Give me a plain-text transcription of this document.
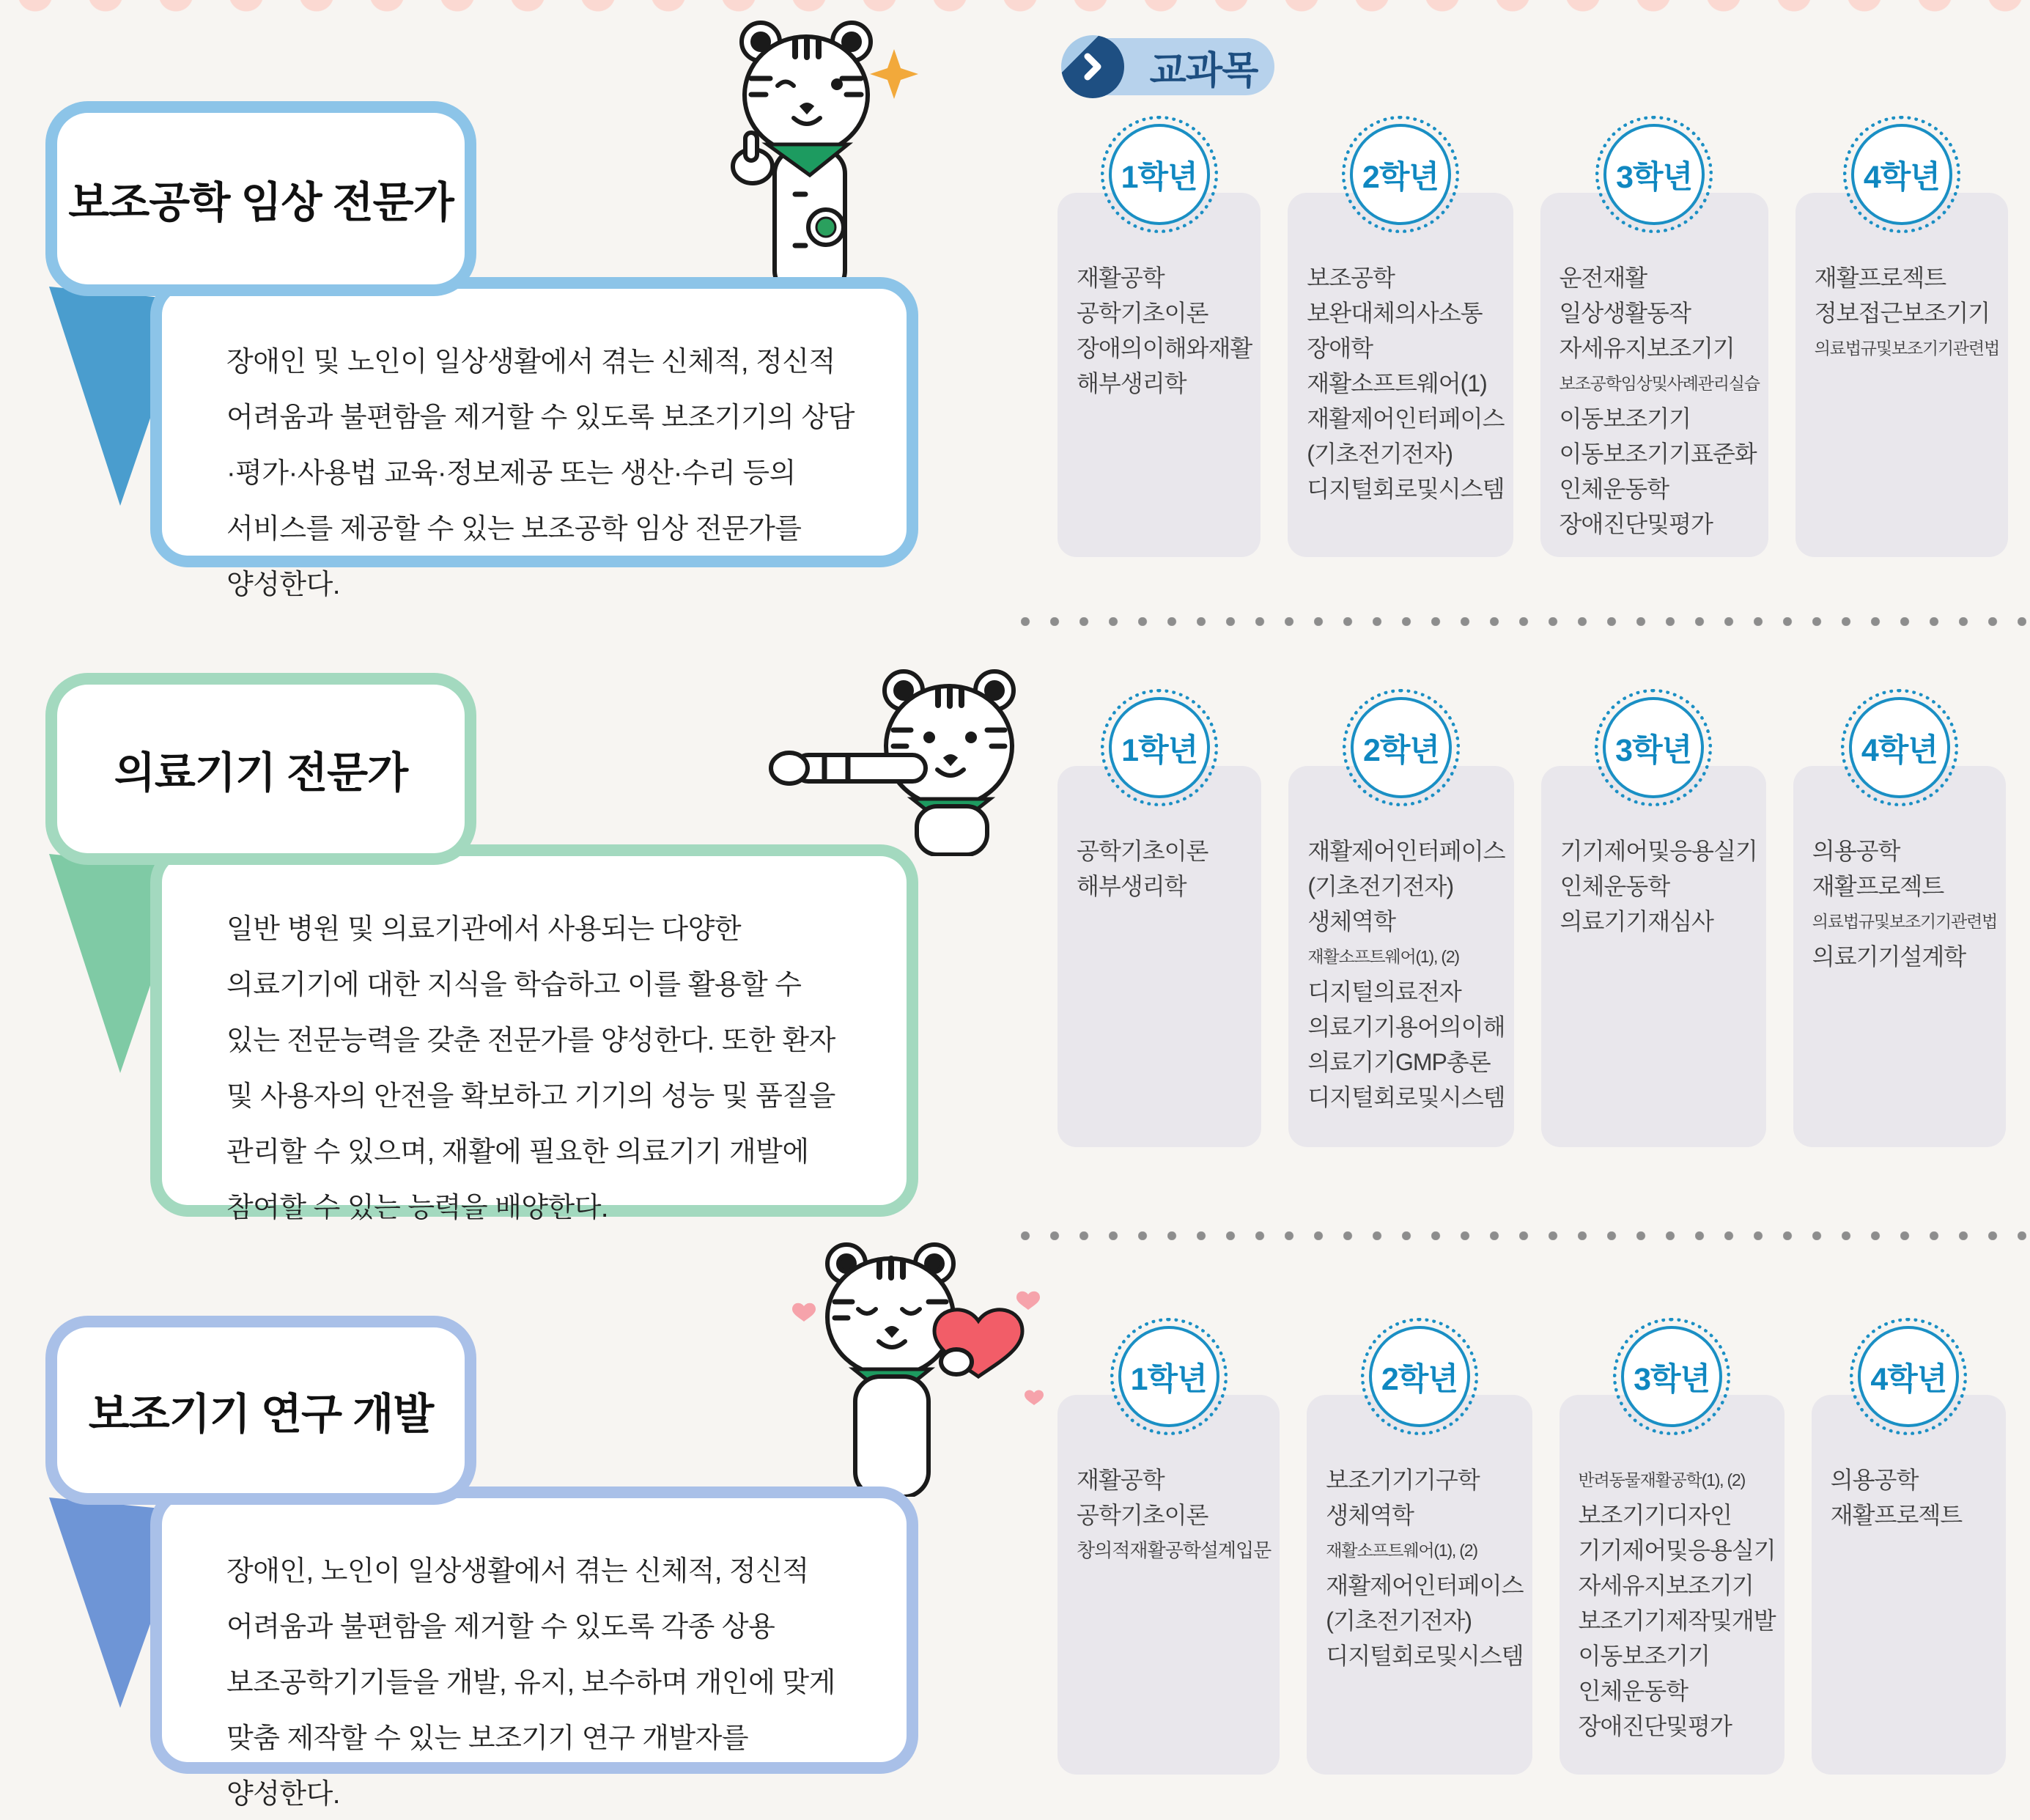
보조공학 임상 전문가
장애인 및 노인이 일상생활에서 겪는 신체적, 정신적 어려움과 불편함을 제거할 수 있도록 보조기기의 상담·평가·사용법 교육·정보제공 또는 생산·수리 등의 서비스를 제공할 수 있는 보조공학 임상 전문가를 양성한다.
의료기기 전문가
일반 병원 및 의료기관에서 사용되는 다양한 의료기기에 대한 지식을 학습하고 이를 활용할 수 있는 전문능력을 갖춘 전문가를 양성한다. 또한 환자 및 사용자의 안전을 확보하고 기기의 성능 및 품질을 관리할 수 있으며, 재활에 필요한 의료기기 개발에 참여할 수 있는 능력을 배양한다.
보조기기 연구 개발
장애인, 노인이 일상생활에서 겪는 신체적, 정신적 어려움과 불편함을 제거할 수 있도록 각종 상용 보조공학기기들을 개발, 유지, 보수하며 개인에 맞게 맞춤 제작할 수 있는 보조기기 연구 개발자를 양성한다.
교과목
1학년
재활공학
공학기초이론
장애의이해와재활
해부생리학
2학년
보조공학
보완대체의사소통
장애학
재활소프트웨어(1)
재활제어인터페이스
(기초전기전자)
디지털회로및시스템
3학년
운전재활
일상생활동작
자세유지보조기기
보조공학임상및사례관리실습
이동보조기기
이동보조기기표준화
인체운동학
장애진단및평가
4학년
재활프로젝트
정보접근보조기기
의료법규및보조기기관련법
1학년
공학기초이론
해부생리학
2학년
재활제어인터페이스
(기초전기전자)
생체역학
재활소프트웨어(1), (2)
디지털의료전자
의료기기용어의이해
의료기기GMP총론
디지털회로및시스템
3학년
기기제어및응용실기
인체운동학
의료기기재심사
4학년
의용공학
재활프로젝트
의료법규및보조기기관련법
의료기기설계학
1학년
재활공학
공학기초이론
창의적재활공학설계입문
2학년
보조기기기구학
생체역학
재활소프트웨어(1), (2)
재활제어인터페이스
(기초전기전자)
디지털회로및시스템
3학년
반려동물재활공학(1), (2)
보조기기디자인
기기제어및응용실기
자세유지보조기기
보조기기제작및개발
이동보조기기
인체운동학
장애진단및평가
4학년
의용공학
재활프로젝트
